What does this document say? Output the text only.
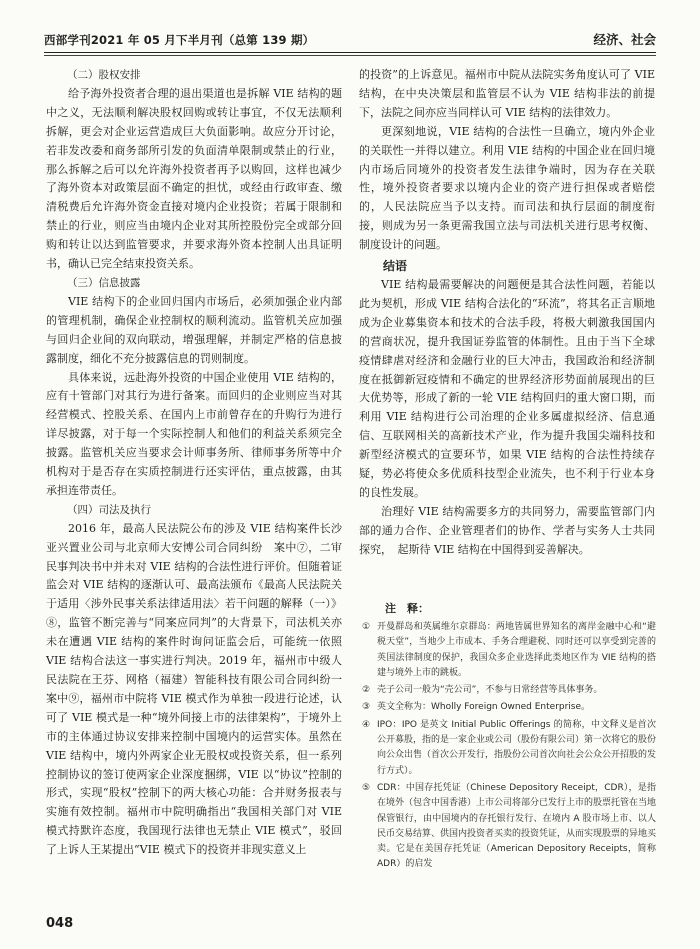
西部学刊2021 年 05 月下半月刊（总第 139 期）	经济、社会

（二）股权安排

给予海外投资者合理的退出渠道也是拆解 VIE 结构的题中之义，无法顺利解决股权回购或转让事宜，不仅无法顺利拆解，更会对企业运营造成巨大负面影响。故应分开讨论，若非发改委和商务部所引发的负面清单限制或禁止的行业，那么拆解之后可以允许海外投资者再予以购回，这样也减少了海外资本对政策层面不确定的担忧，或经由行政审查、缴清税费后允许海外资金直接对境内企业投资；若属于限制和禁止的行业，则应当由境内企业对其所控股份完全或部分回购和转让以达到监管要求，并要求海外资本控制人出具证明书，确认已完全结束投资关系。

（三）信息披露

VIE 结构下的企业回归国内市场后，必须加强企业内部的管理机制，确保企业控制权的顺利流动。监管机关应加强与回归企业间的双向联动，增强理解，并制定严格的信息披露制度，细化不充分披露信息的罚则制度。

具体来说，远赴海外投资的中国企业使用 VIE 结构的，应有十管部门对其行为进行备案。而回归的企业则应当对其经营模式、控股关系、在国内上市前曾存在的升购行为进行详尽披露，对于每一个实际控制人和他们的利益关系须完全披露。监管机关应当要求会计师事务所、律师事务所等中介机构对于是否存在实质控制进行还实评估，重点披露，由其承担连带责任。

（四）司法及执行

2016 年，最高人民法院公布的涉及 VIE 结构案件长沙亚兴置业公司与北京师大安博公司合同纠纷　案中⑦，二审民事判决书中并未对 VIE 结构的合法性进行评价。但随着证监会对 VIE 结构的逐渐认可、最高法颁布《最高人民法院关于适用〈涉外民事关系法律适用法〉若干问题的解释（一）》⑧，监管不断完善与“同案应同判”的大背景下，司法机关亦未在遭遇 VIE 结构的案件时询问证监会后，可能统一依照 VIE 结构合法这一事实进行判决。2019 年，福州市中级人民法院在王芬、网格（福建）智能科技有限公司合同纠纷一案中⑨，福州市中院将 VIE 模式作为单独一段进行论述，认可了 VIE 模式是一种“境外间接上市的法律架构”，于境外上市的主体通过协议安排来控制中国境内的运营实体。虽然在 VIE 结构中，境内外两家企业无股权或投资关系，但一系列控制协议的签订使两家企业深度捆绑，VIE 以“协议”控制的形式，实现“股权”控制下的两大核心功能：合并财务报表与实施有效控制。福州市中院明确指出“我国相关部门对 VIE 模式持默许态度，我国现行法律也无禁止 VIE 模式”，驳回了上诉人王某提出“VIE 模式下的投资并非现实意义上

的投资”的上诉意见。福州市中院从法院实务角度认可了 VIE 结构，在中央决策层和监管层不认为 VIE 结构非法的前提下，法院之间亦应当同样认可 VIE 结构的法律效力。

更深刻地说，VIE 结构的合法性一旦确立，境内外企业的关联性一并得以建立。利用 VIE 结构的中国企业在回归境内市场后同境外的投资者发生法律争端时，因为存在关联性，境外投资者要求以境内企业的资产进行担保或者赔偿的，人民法院应当予以支持。而司法和执行层面的制度衔接，则成为另一条更需我国立法与司法机关进行思考权衡、制度设计的问题。

结语

VIE 结构最需要解决的问题便是其合法性问题，若能以此为契机，形成 VIE 结构合法化的“环流”，将其名正言顺地成为企业募集资本和技术的合法手段，将极大刺激我国国内的营商状况，提升我国证券监管的体制性。且由于当下全球疫情肆虐对经济和金融行业的巨大冲击，我国政治和经济制度在抵御新冠疫情和不确定的世界经济形势面前展现出的巨大优势等，形成了新的一轮 VIE 结构回归的重大窗口期，而利用 VIE 结构进行公司治理的企业多属虚拟经济、信息通信、互联网相关的高新技术产业，作为提升我国尖端科技和新型经济模式的宣要环节，如果 VIE 结构的合法性持续存疑，势必将使众多优质科技型企业流失，也不利于行业本身的良性发展。

治理好 VIE 结构需要多方的共同努力，需要监管部门内部的通力合作、企业管理者们的协作、学者与实务人士共同探究，　起斯待 VIE 结构在中国得到妥善解决。

注　释：
① 开曼群岛和英属维尔京群岛：两地皆属世界知名的离岸金融中心和“避税天堂”，当地少上市成本、手务合理避税、同时还可以享受到完善的英国法律制度的保护，我国众多企业选择此类地区作为 VIE 结构的搭建与境外上市的跳板。
② 壳子公司一般为“壳公司”，不参与日常经营等具体事务。
③ 英文全称为：Wholly Foreign Owned Enterprise。
④ IPO：IPO 是英文 Initial Public Offerings 的简称，中文释义是首次公开募股，指的是一家企业或公司（股份有限公司）第一次将它的股份向公众出售（首次公开发行，指股份公司首次向社会公众公开招股的发行方式）。
⑤ CDR：中国存托凭证（Chinese Depository Receipt，CDR），是指在境外（包含中国香港）上市公司将部分已发行上市的股票托管在当地保管银行，由中国境内的存托银行发行、在境内 A 股市场上市、以人民币交易结算、供国内投资者买卖的投资凭证，从而实现股票的异地买卖。它是在美国存托凭证（American Depository Receipts，简称 ADR）的启发
048
